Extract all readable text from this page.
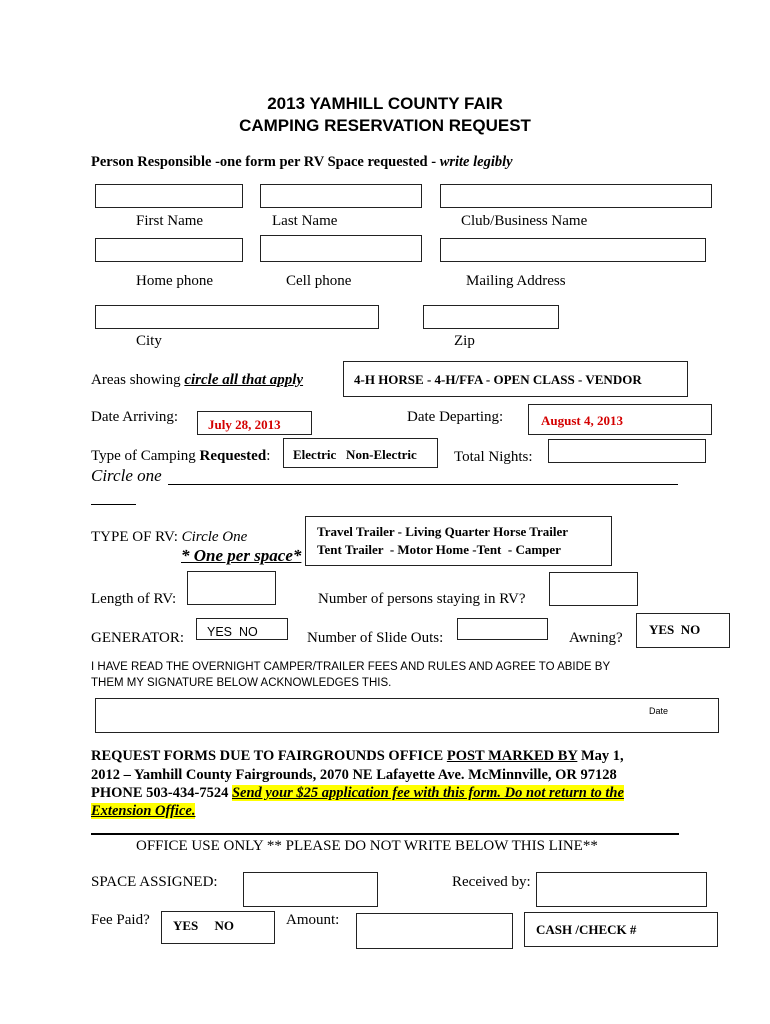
2013 YAMHILL COUNTY FAIR
CAMPING RESERVATION REQUEST
Person Responsible -one form per RV Space requested - write legibly
First Name	Last Name	Club/Business Name
Home phone	Cell phone	Mailing Address
City	Zip
Areas showing circle all that apply	4-H HORSE - 4-H/FFA - OPEN CLASS - VENDOR
Date Arriving:	July 28, 2013	Date Departing:	August 4, 2013
Type of Camping Requested:	Electric   Non-Electric	Total Nights:
Circle one
TYPE OF RV: Circle One	Travel Trailer - Living Quarter Horse Trailer
Tent Trailer  - Motor Home -Tent  - Camper
* One per space*
Length of RV:	Number of persons staying in RV?
GENERATOR:	YES  NO	Number of Slide Outs:	Awning?
YES  NO
I HAVE READ THE OVERNIGHT CAMPER/TRAILER FEES AND RULES AND AGREE TO ABIDE BY
THEM MY SIGNATURE BELOW ACKNOWLEDGES THIS.
Date
REQUEST FORMS DUE TO FAIRGROUNDS OFFICE POST MARKED BY May 1,
2012 – Yamhill County Fairgrounds, 2070 NE Lafayette Ave. McMinnville, OR 97128
PHONE 503-434-7524 Send your $25 application fee with this form. Do not return to the
Extension Office.
OFFICE USE ONLY ** PLEASE DO NOT WRITE BELOW THIS LINE**
SPACE ASSIGNED:	Received by:
Fee Paid?	YES     NO	Amount:
CASH /CHECK #
